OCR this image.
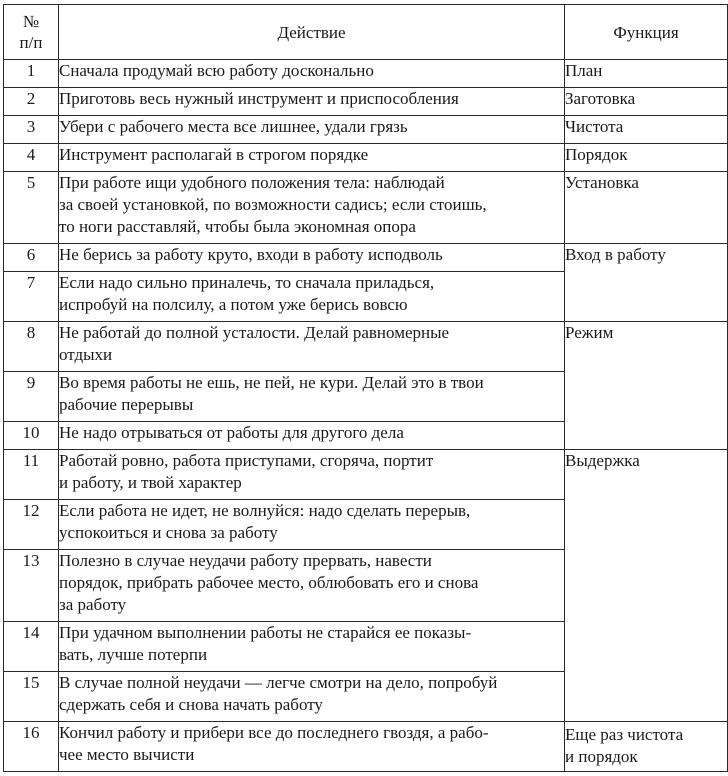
№
п/п	Действие	Функция
1	Сначала продумай всю работу досконально	План
2	Приготовь весь нужный инструмент и приспособления	Заготовка
3	Убери с рабочего места все лишнее, удали грязь	Чистота
4	Инструмент располагай в строгом порядке	Порядок
5	При работе ищи удобного положения тела: наблюдай
за своей установкой, по возможности садись; если стоишь,
то ноги расставляй, чтобы была экономная опора	Установка
6	Не берись за работу круто, входи в работу исподволь	Вход в работу
7	Если надо сильно приналечь, то сначала приладься,
испробуй на полсилу, а потом уже берись вовсю	

8	Не работай до полной усталости. Делай равномерные
отдыхи	Режим
9	Во время работы не ешь, не пей, не кури. Делай это в твои
рабочие перерывы	

10	Не надо отрываться от работы для другого дела	

11	Работай ровно, работа приступами, сгоряча, портит
и работу, и твой характер	Выдержка
12	Если работа не идет, не волнуйся: надо сделать перерыв,
успокоиться и снова за работу	

13	Полезно в случае неудачи работу прервать, навести
порядок, прибрать рабочее место, облюбовать его и снова
за работу	

14	При удачном выполнении работы не старайся ее показы-
вать, лучше потерпи	

15	В случае полной неудачи — легче смотри на дело, попробуй
сдержать себя и снова начать работу	

16	Кончил работу и прибери все до последнего гвоздя, а рабо-
чее место вычисти	Еще раз чистота
и порядок
